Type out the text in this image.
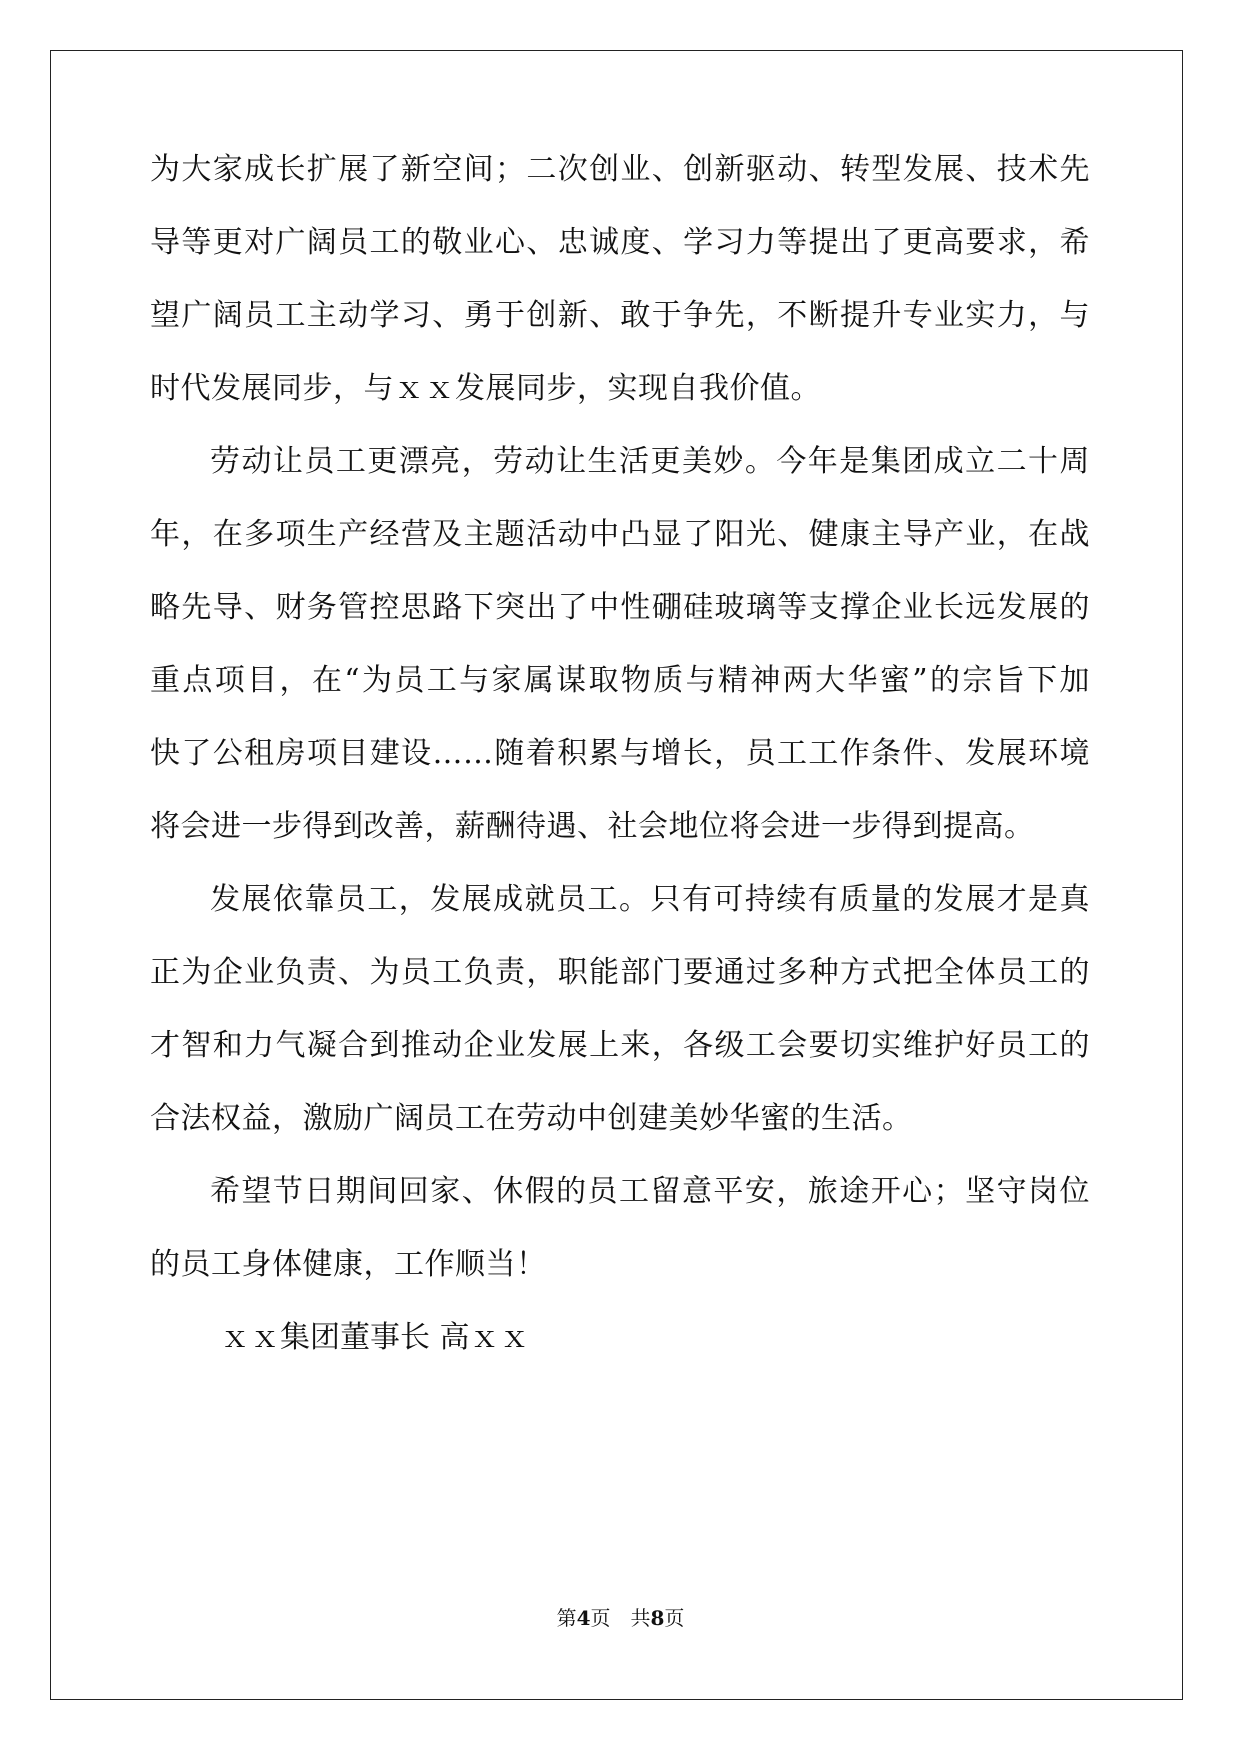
为大家成长扩展了新空间；二次创业、创新驱动、转型发展、技术先
导等更对广阔员工的敬业心、忠诚度、学习力等提出了更高要求，希
望广阔员工主动学习、勇于创新、敢于争先，不断提升专业实力，与
时代发展同步，与ｘｘ发展同步，实现自我价值。
劳动让员工更漂亮，劳动让生活更美妙。今年是集团成立二十周
年，在多项生产经营及主题活动中凸显了阳光、健康主导产业，在战
略先导、财务管控思路下突出了中性硼硅玻璃等支撑企业长远发展的
重点项目，在“为员工与家属谋取物质与精神两大华蜜”的宗旨下加
快了公租房项目建设……随着积累与增长，员工工作条件、发展环境
将会进一步得到改善，薪酬待遇、社会地位将会进一步得到提高。
发展依靠员工，发展成就员工。只有可持续有质量的发展才是真
正为企业负责、为员工负责，职能部门要通过多种方式把全体员工的
才智和力气凝合到推动企业发展上来，各级工会要切实维护好员工的
合法权益，激励广阔员工在劳动中创建美妙华蜜的生活。
希望节日期间回家、休假的员工留意平安，旅途开心；坚守岗位
的员工身体健康，工作顺当！
ｘｘ集团董事长 高ｘｘ
第4页　共8页
